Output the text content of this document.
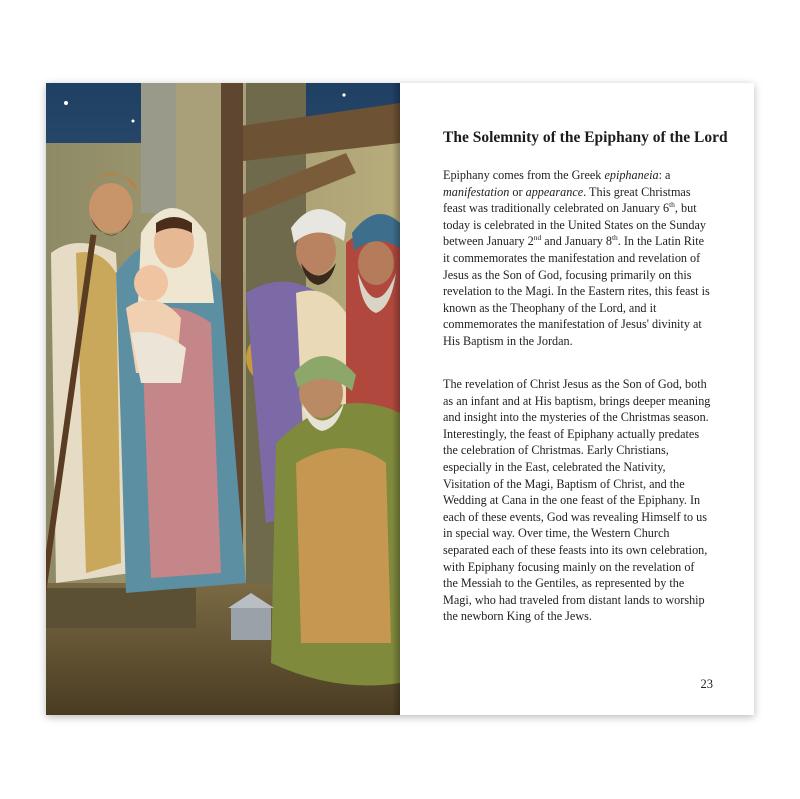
The Solemnity of the Epiphany of the Lord

Epiphany comes from the Greek epiphaneia: a manifestation or appearance. This great Christmas feast was traditionally celebrated on January 6th, but today is celebrated in the United States on the Sunday between January 2nd and January 8th. In the Latin Rite it commemorates the manifestation and revelation of Jesus as the Son of God, focusing primarily on this revelation to the Magi. In the Eastern rites, this feast is known as the Theophany of the Lord, and it commemorates the manifestation of Jesus' divinity at His Baptism in the Jordan.

The revelation of Christ Jesus as the Son of God, both as an infant and at His baptism, brings deeper meaning and insight into the mysteries of the Christmas season. Interestingly, the feast of Epiphany actually predates the celebration of Christmas. Early Christians, especially in the East, celebrated the Nativity, Visitation of the Magi, Baptism of Christ, and the Wedding at Cana in the one feast of the Epiphany. In each of these events, God was revealing Himself to us in special way. Over time, the Western Church separated each of these feasts into its own celebration, with Epiphany focusing mainly on the revelation of the Messiah to the Gentiles, as represented by the Magi, who had traveled from distant lands to worship the newborn King of the Jews.

23
